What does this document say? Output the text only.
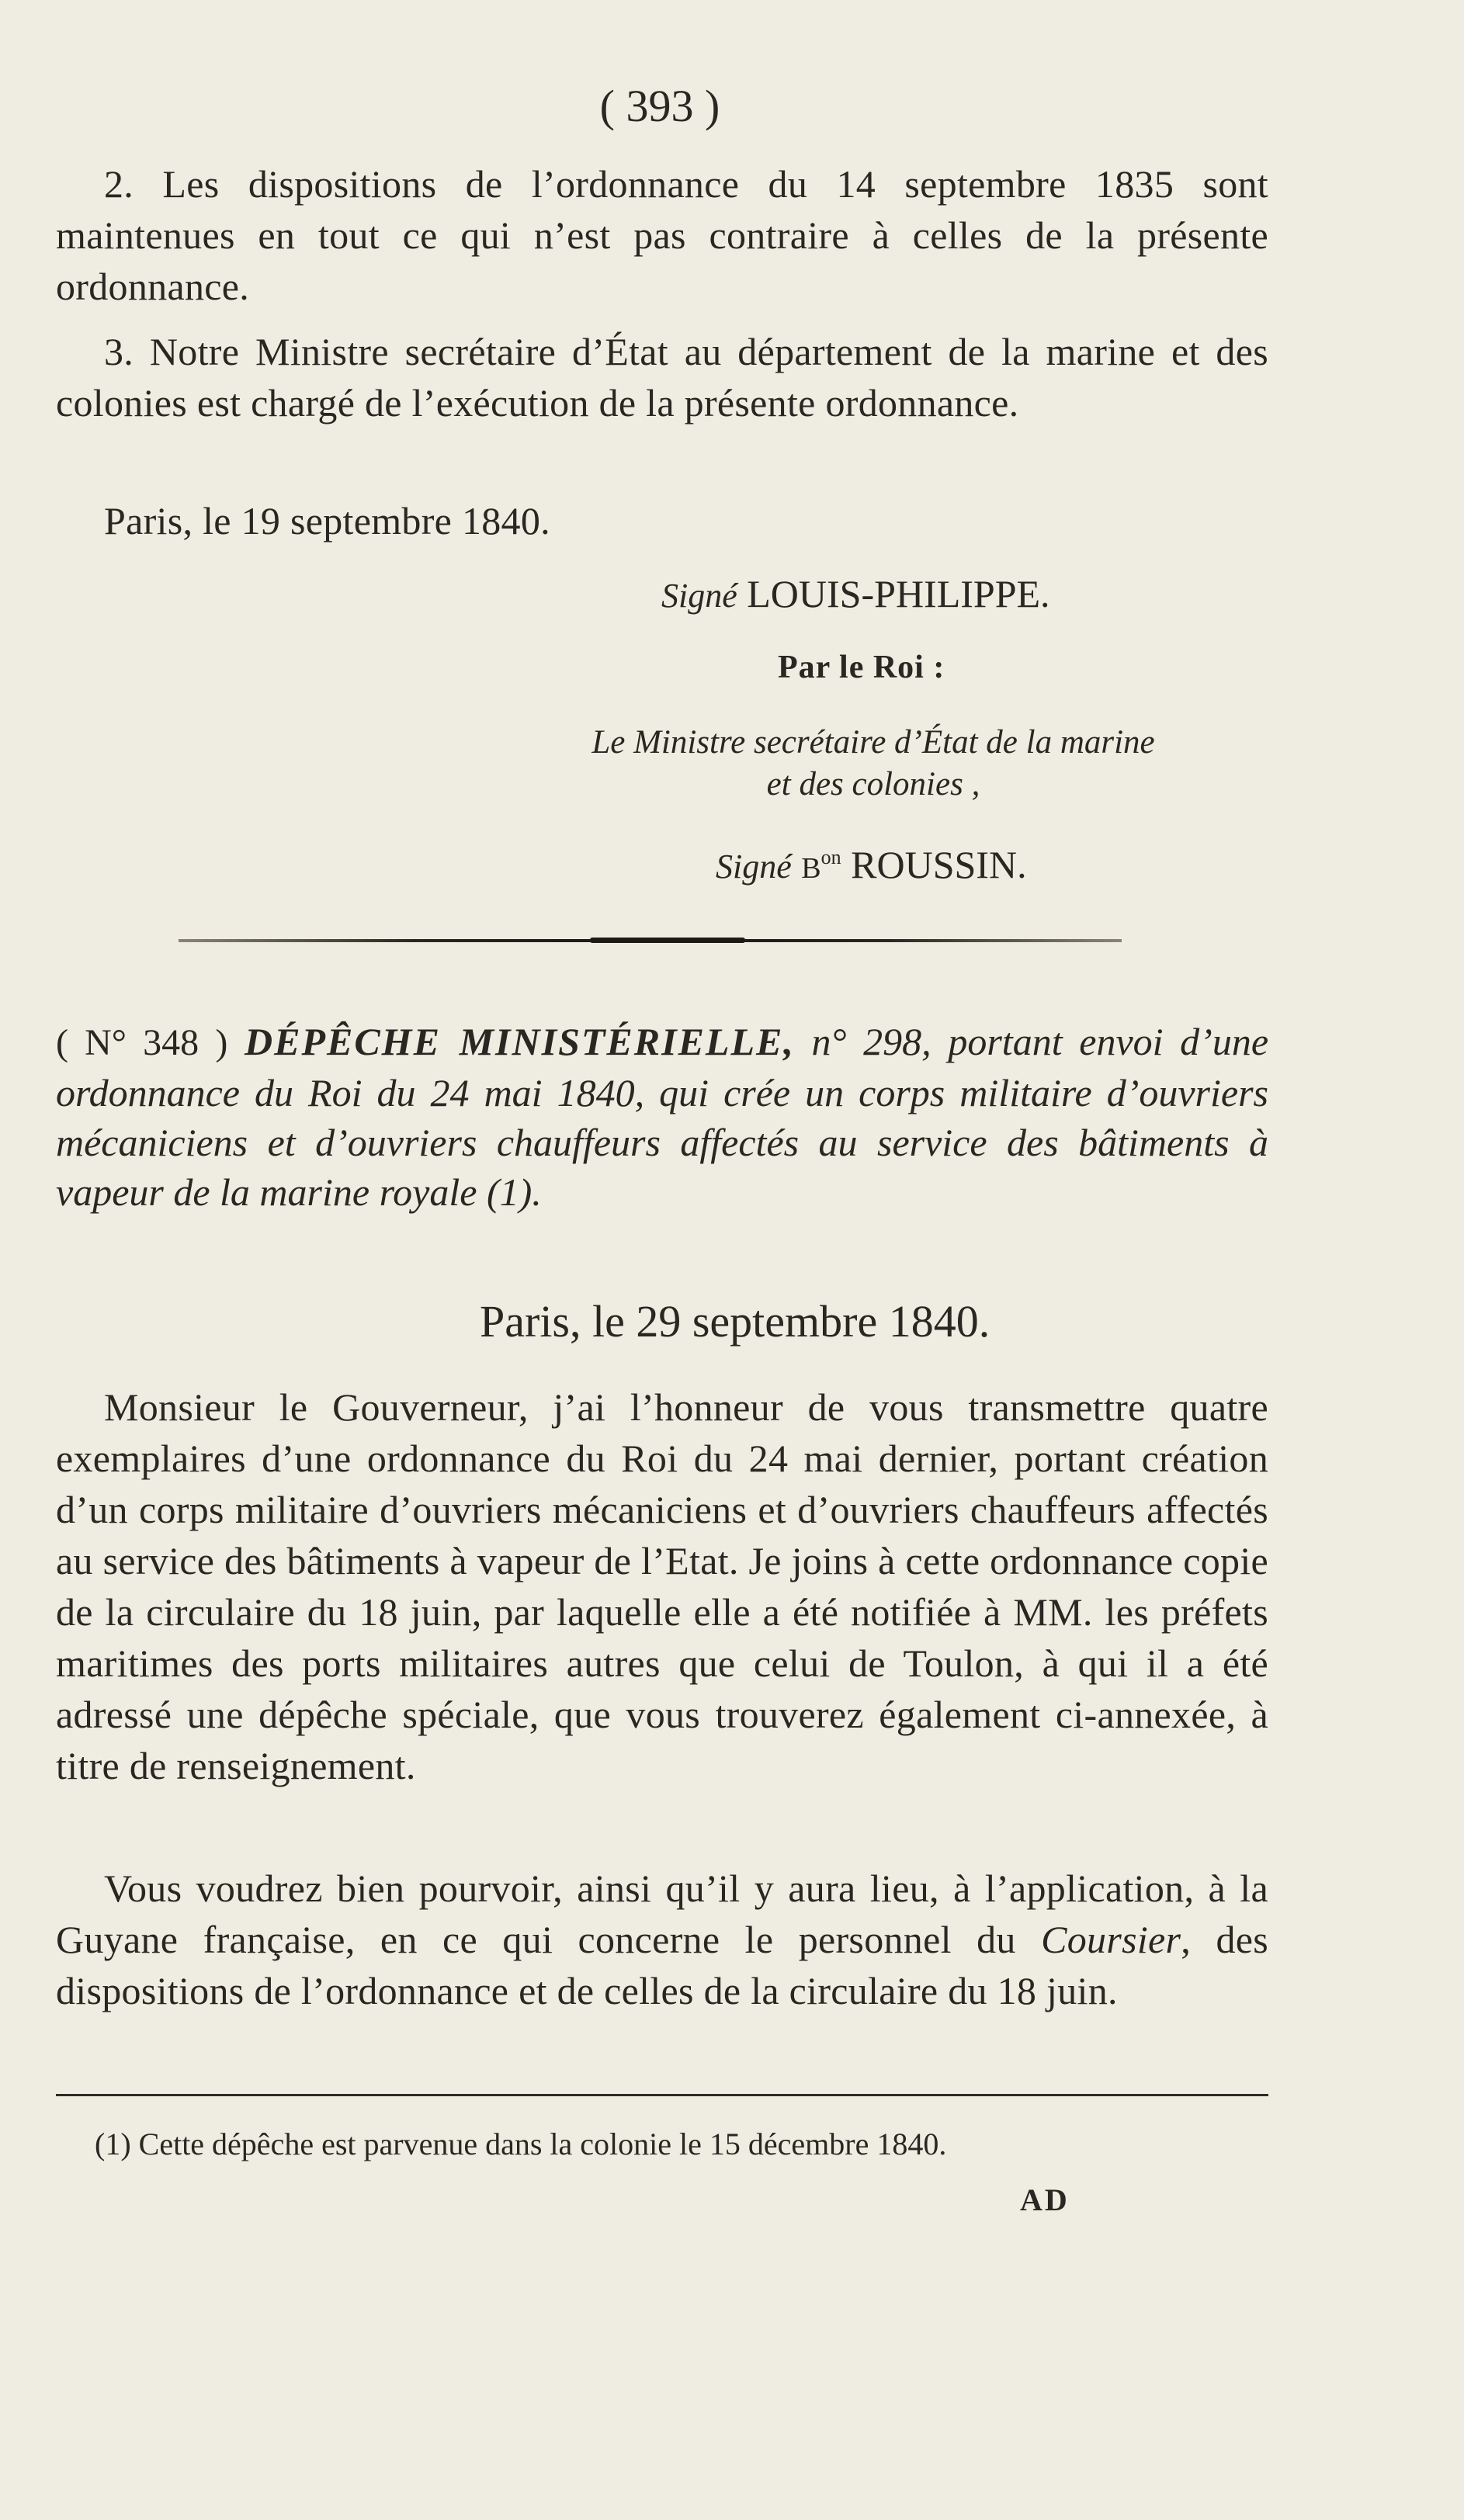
( 393 )

2. Les dispositions de l’ordonnance du 14 septembre 1835 sont maintenues en tout ce qui n’est pas contraire à celles de la présente ordonnance.

3. Notre Ministre secrétaire d’État au département de la marine et des colonies est chargé de l’exécution de la présente ordonnance.

Paris, le 19 septembre 1840.

Signé LOUIS-PHILIPPE.
Par le Roi :
Le Ministre secrétaire d’État de la marine
et des colonies ,
Signé $B^{on}$ ROUSSIN.

( N° 348 ) DÉPÊCHE MINISTÉRIELLE, n° 298, portant envoi d’une ordonnance du Roi du 24 mai 1840, qui crée un corps militaire d’ouvriers mécaniciens et d’ouvriers chauffeurs affectés au service des bâtiments à vapeur de la marine royale (1).

Paris, le 29 septembre 1840.

Monsieur le Gouverneur, j’ai l’honneur de vous transmettre quatre exemplaires d’une ordonnance du Roi du 24 mai dernier, portant création d’un corps militaire d’ouvriers mécaniciens et d’ouvriers chauffeurs affectés au service des bâtiments à vapeur de l’Etat. Je joins à cette ordonnance copie de la circulaire du 18 juin, par laquelle elle a été notifiée à MM. les préfets maritimes des ports militaires autres que celui de Toulon, à qui il a été adressé une dépêche spéciale, que vous trouverez également ci-annexée, à titre de renseignement.

Vous voudrez bien pourvoir, ainsi qu’il y aura lieu, à l’application, à la Guyane française, en ce qui concerne le personnel du Coursier, des dispositions de l’ordonnance et de celles de la circulaire du 18 juin.

(1) Cette dépêche est parvenue dans la colonie le 15 décembre 1840.
AD
